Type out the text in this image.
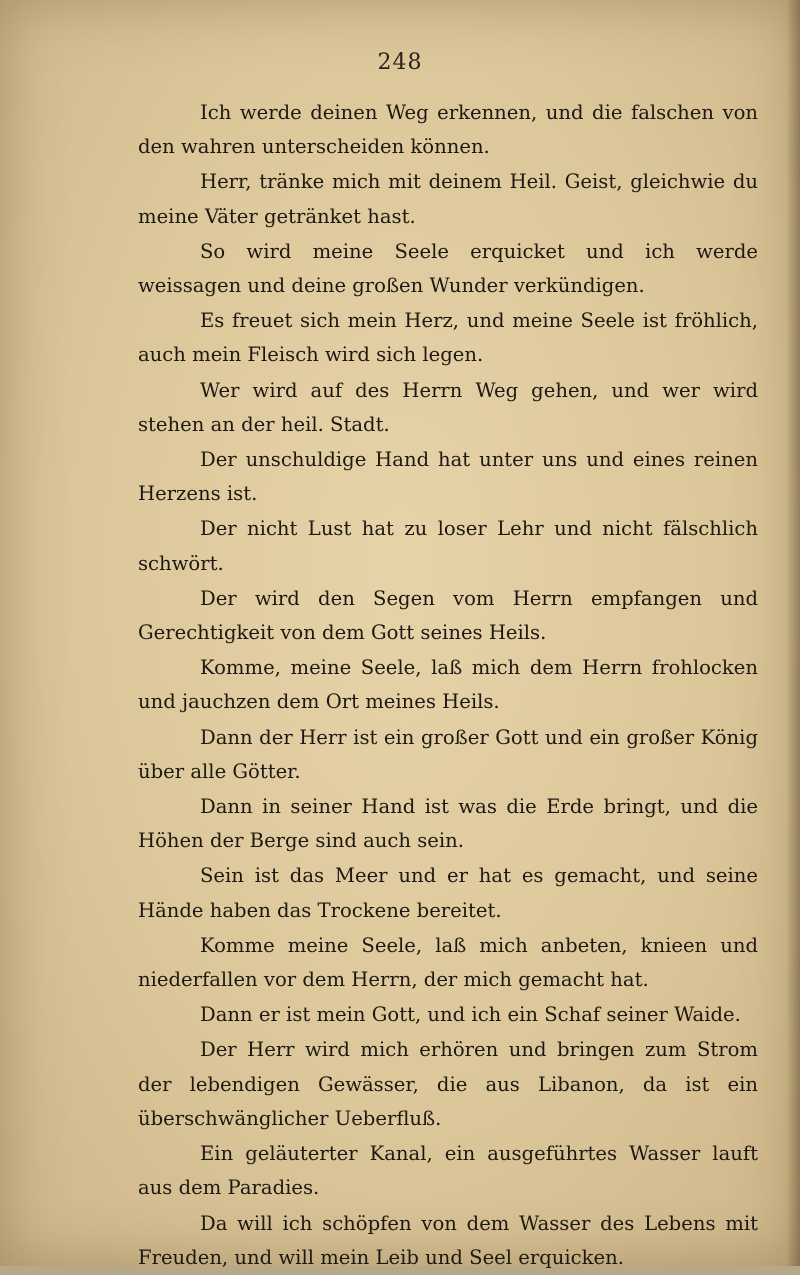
248

Ich werde deinen Weg erkennen, und die falschen von den wahren unterscheiden können.

Herr, tränke mich mit deinem Heil. Geist, gleichwie du meine Väter getränket hast.

So wird meine Seele erquicket und ich werde weissagen und deine großen Wunder verkündigen.

Es freuet sich mein Herz, und meine Seele ist fröhlich, auch mein Fleisch wird sich legen.

Wer wird auf des Herrn Weg gehen, und wer wird stehen an der heil. Stadt.

Der unschuldige Hand hat unter uns und eines reinen Herzens ist.

Der nicht Lust hat zu loser Lehr und nicht fälschlich schwört.

Der wird den Segen vom Herrn empfangen und Gerechtigkeit von dem Gott seines Heils.

Komme, meine Seele, laß mich dem Herrn frohlocken und jauchzen dem Ort meines Heils.

Dann der Herr ist ein großer Gott und ein großer König über alle Götter.

Dann in seiner Hand ist was die Erde bringt, und die Höhen der Berge sind auch sein.

Sein ist das Meer und er hat es gemacht, und seine Hände haben das Trockene bereitet.

Komme meine Seele, laß mich anbeten, knieen und niederfallen vor dem Herrn, der mich gemacht hat.

Dann er ist mein Gott, und ich ein Schaf seiner Waide.

Der Herr wird mich erhören und bringen zum Strom der lebendigen Gewässer, die aus Libanon, da ist ein überschwänglicher Ueberfluß.

Ein geläuterter Kanal, ein ausgeführtes Wasser lauft aus dem Paradies.

Da will ich schöpfen von dem Wasser des Lebens mit Freuden, und will mein Leib und Seel erquicken.
